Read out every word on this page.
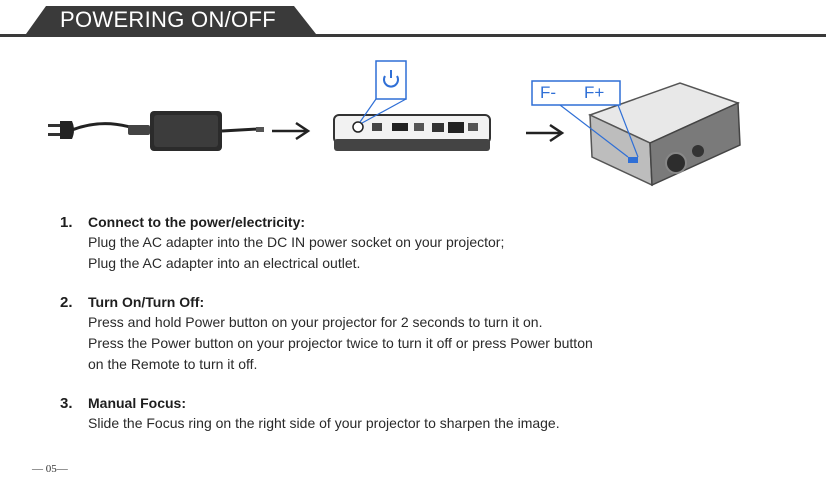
POWERING ON/OFF
F- F+
1. Connect to the power/electricity:
Plug the AC adapter into the DC IN power socket on your projector;
Plug the AC adapter into an electrical outlet.
2. Turn On/Turn Off:
Press and hold Power button on your projector for 2 seconds to turn it on.
Press the Power button on your projector twice to turn it off or press Power button
on the Remote to turn it off.
3. Manual Focus:
Slide the Focus ring on the right side of your projector to sharpen the image.
— 05—
